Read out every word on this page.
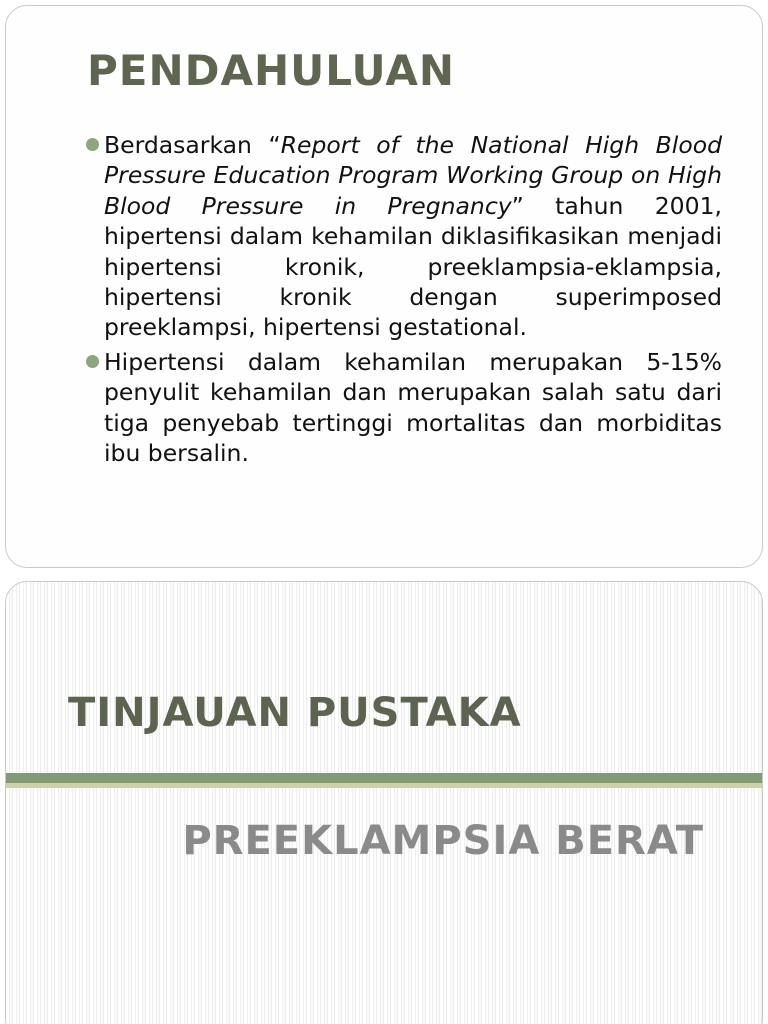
PENDAHULUAN
Berdasarkan “Report of the National High Blood Pressure Education Program Working Group on High Blood Pressure in Pregnancy” tahun 2001, hipertensi dalam kehamilan diklasifikasikan menjadi hipertensi kronik, preeklampsia-eklampsia, hipertensi kronik dengan superimposed preeklampsi, hipertensi gestational.
Hipertensi dalam kehamilan merupakan 5-15% penyulit kehamilan dan merupakan salah satu dari tiga penyebab tertinggi mortalitas dan morbiditas ibu bersalin.
TINJAUAN PUSTAKA
PREEKLAMPSIA BERAT
